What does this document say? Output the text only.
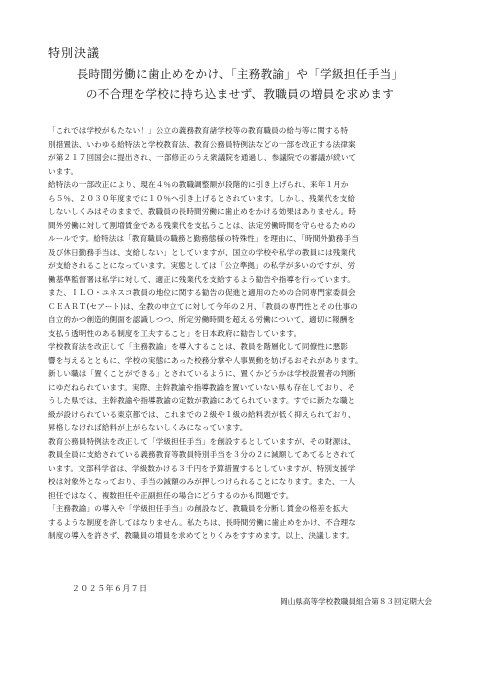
特別決議
長時間労働に歯止めをかけ、「主務教諭」や「学級担任手当」
の不合理を学校に持ち込ませず、教職員の増員を求めます
「これでは学校がもたない！」公立の義務教育諸学校等の教育職員の給与等に関する特
別措置法、いわゆる給特法と学校教育法、教育公務員特例法などの一部を改正する法律案
が第２１７回国会に提出され、一部修正のうえ衆議院を通過し、参議院での審議が続いて
います。
給特法の一部改正により、現在４％の教職調整額が段階的に引き上げられ、来年１月か
ら５％、２０３０年度までに１０％へ引き上げるとされています。しかし、残業代を支給
しないしくみはそのままで、教職員の長時間労働に歯止めをかける効果はありません。時
間外労働に対して割増賃金である残業代を支払うことは、法定労働時間を守らせるための
ルールです。給特法は「教育職員の職務と勤務態様の特殊性」を理由に、「時間外勤務手当
及び休日勤務手当は、支給しない」としていますが、国立の学校や私学の教員には残業代
が支給されることになっています。実態としては「公立準拠」の私学が多いのですが、労
働基準監督署は私学に対して、適正に残業代を支給するよう勧告や指導を行っています。
また、ＩＬＯ・ユネスコ教員の地位に関する勧告の促進と適用のための合同専門家委員会
ＣＥＡＲＴ(セアート)は、全教の申立てに対して今年の２月、「教員の専門性とその仕事の
自立的かつ創造的側面を認識しつつ、所定労働時間を超える労働について、適切に報酬を
支払う透明性のある制度を工夫すること」を日本政府に勧告しています。
学校教育法を改正して「主務教諭」を導入することは、教員を階層化して同僚性に悪影
響を与えるとともに、学校の実態にあった校務分掌や人事異動を妨げるおそれがあります。
新しい職は「置くことができる」とされているように、置くかどうかは学校設置者の判断
にゆだねられています。実際、主幹教諭や指導教諭を置いていない県も存在しており、そ
うした県では、主幹教諭や指導教諭の定数が教諭にあてられています。すでに新たな職と
級が設けられている東京都では、これまでの２級や１級の給料表が低く抑えられており、
昇格しなければ給料が上がらないしくみになっています。
教育公務員特例法を改正して「学級担任手当」を創設するとしていますが、その財源は、
教員全員に支給されている義務教育等教員特別手当を３分の２に減額してあてるとされて
います。文部科学省は、学級数かける３千円を予算措置するとしていますが、特別支援学
校は対象外となっており、手当の減額のみが押しつけられることになります。また、一人
担任ではなく、複数担任や正副担任の場合にどうするのかも問題です。
「主務教諭」の導入や「学級担任手当」の創設など、教職員を分断し賃金の格差を拡大
するような制度を許してはなりません。私たちは、長時間労働に歯止めをかけ、不合理な
制度の導入を許さず、教職員の増員を求めてとりくみをすすめます。以上、決議します。
２０２５年６月７日
岡山県高等学校教職員組合第８３回定期大会
